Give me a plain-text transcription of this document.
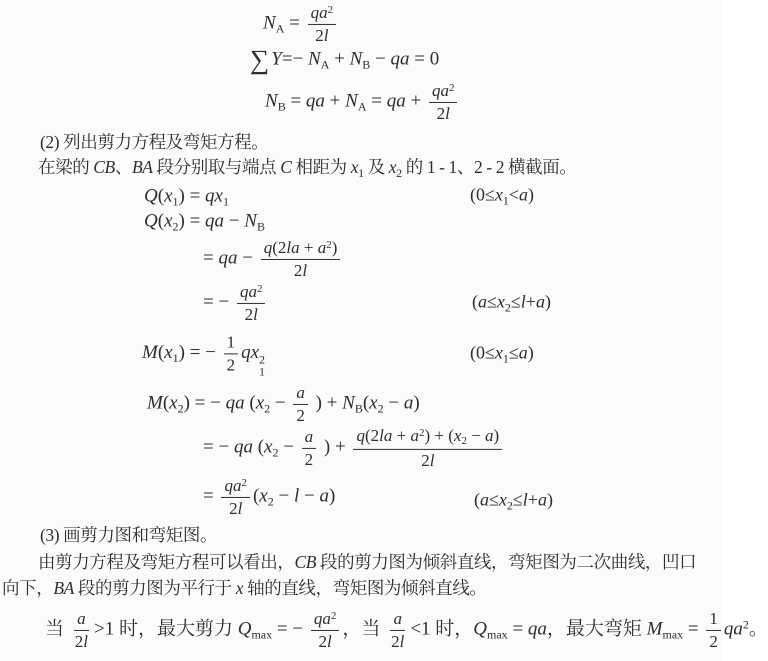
$N_A = \frac{qa^2}{2l}$
∑ $Y=- N_A + N_B$ − qa = 0
$N_B$ = qa + $N_A$ = qa + $\frac{qa^2}{2l}$
(2) 列出剪力方程及弯矩方程。
在梁的 CB、BA 段分别取与端点 C 相距为 $x_1$ 及 $x_2$ 的 1 - 1、2 - 2 横截面。
$Q(x_1) = qx_1$	$(0\le x_1<a)$
$Q(x_2)$ = qa − $N_B$
= qa − $\frac{q(2la + a^2)}{2l}$
= − $\frac{qa^2}{2l}$	$(a\le x_2\le l+a)$
$M(x_1)$ = − $\frac{1}{2}$ qx 2
1
$(0\le x_1\le a)$
$M(x_2)$ = − qa ($x_2 - \frac{a}{2}$ ) + $N_B(x_2 - a)$
= − qa ($x_2 - \frac{a}{2}$ ) + $\frac{q(2la + a^2) + (x_2 - a)}{2l}$
= $\frac{qa^2}{2l} (x_2 - l - a)$	$(a\le x_2\le l+a)$
(3) 画剪力图和弯矩图。
由剪力方程及弯矩方程可以看出，CB 段的剪力图为倾斜直线，弯矩图为二次曲线，凹口
向下，BA 段的剪力图为平行于 x 轴的直线，弯矩图为倾斜直线。
当 $\frac{a}{2l} >1$ 时，最大剪力 $Q_{max}$ = − $\frac{qa^2}{2l}$ ，当 $\frac{a}{2l} <1$ 时，$Q_{max}$ = qa，最大弯矩 $M_{max} = \frac{1}{2} qa^2$。
